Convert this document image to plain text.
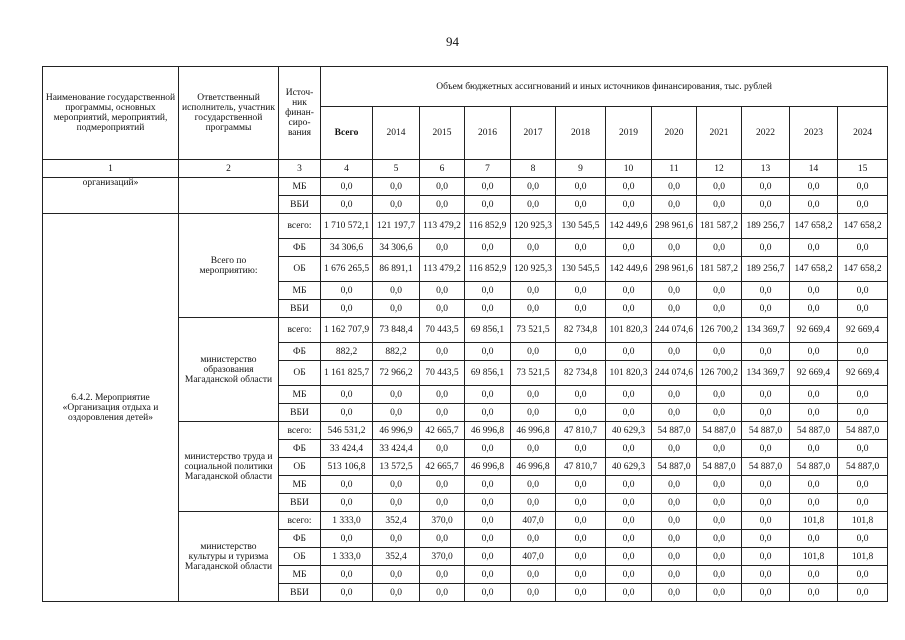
94
Наименование государственной программы, основных мероприятий, мероприятий, подмероприятий	Ответственный исполнитель, участник государственной программы	Источ-ник финан-сиро-вания	Объем бюджетных ассигнований и иных источников финансирования, тыс. рублей											
			Всего	2014	2015	2016	2017	2018	2019	2020	2021	2022	2023	2024
1	2	3	4	5	6	7	8	9	10	11	12	13	14	15
организаций»		МБ	0,0	0,0	0,0	0,0	0,0	0,0	0,0	0,0	0,0	0,0	0,0	0,0
		ВБИ	0,0	0,0	0,0	0,0	0,0	0,0	0,0	0,0	0,0	0,0	0,0	0,0
6.4.2. Мероприятие «Организация отдыха и оздоровления детей»	Всего по мероприятию:	всего:	1 710 572,1	121 197,7	113 479,2	116 852,9	120 925,3	130 545,5	142 449,6	298 961,6	181 587,2	189 256,7	147 658,2	147 658,2
		ФБ	34 306,6	34 306,6	0,0	0,0	0,0	0,0	0,0	0,0	0,0	0,0	0,0	0,0
		ОБ	1 676 265,5	86 891,1	113 479,2	116 852,9	120 925,3	130 545,5	142 449,6	298 961,6	181 587,2	189 256,7	147 658,2	147 658,2
		МБ	0,0	0,0	0,0	0,0	0,0	0,0	0,0	0,0	0,0	0,0	0,0	0,0
		ВБИ	0,0	0,0	0,0	0,0	0,0	0,0	0,0	0,0	0,0	0,0	0,0	0,0
	министерство образования Магаданской области	всего:	1 162 707,9	73 848,4	70 443,5	69 856,1	73 521,5	82 734,8	101 820,3	244 074,6	126 700,2	134 369,7	92 669,4	92 669,4
		ФБ	882,2	882,2	0,0	0,0	0,0	0,0	0,0	0,0	0,0	0,0	0,0	0,0
		ОБ	1 161 825,7	72 966,2	70 443,5	69 856,1	73 521,5	82 734,8	101 820,3	244 074,6	126 700,2	134 369,7	92 669,4	92 669,4
		МБ	0,0	0,0	0,0	0,0	0,0	0,0	0,0	0,0	0,0	0,0	0,0	0,0
		ВБИ	0,0	0,0	0,0	0,0	0,0	0,0	0,0	0,0	0,0	0,0	0,0	0,0
	министерство труда и социальной политики Магаданской области	всего:	546 531,2	46 996,9	42 665,7	46 996,8	46 996,8	47 810,7	40 629,3	54 887,0	54 887,0	54 887,0	54 887,0	54 887,0
		ФБ	33 424,4	33 424,4	0,0	0,0	0,0	0,0	0,0	0,0	0,0	0,0	0,0	0,0
		ОБ	513 106,8	13 572,5	42 665,7	46 996,8	46 996,8	47 810,7	40 629,3	54 887,0	54 887,0	54 887,0	54 887,0	54 887,0
		МБ	0,0	0,0	0,0	0,0	0,0	0,0	0,0	0,0	0,0	0,0	0,0	0,0
		ВБИ	0,0	0,0	0,0	0,0	0,0	0,0	0,0	0,0	0,0	0,0	0,0	0,0
	министерство культуры и туризма Магаданской области	всего:	1 333,0	352,4	370,0	0,0	407,0	0,0	0,0	0,0	0,0	0,0	101,8	101,8
		ФБ	0,0	0,0	0,0	0,0	0,0	0,0	0,0	0,0	0,0	0,0	0,0	0,0
		ОБ	1 333,0	352,4	370,0	0,0	407,0	0,0	0,0	0,0	0,0	0,0	101,8	101,8
		МБ	0,0	0,0	0,0	0,0	0,0	0,0	0,0	0,0	0,0	0,0	0,0	0,0
		ВБИ	0,0	0,0	0,0	0,0	0,0	0,0	0,0	0,0	0,0	0,0	0,0	0,0
